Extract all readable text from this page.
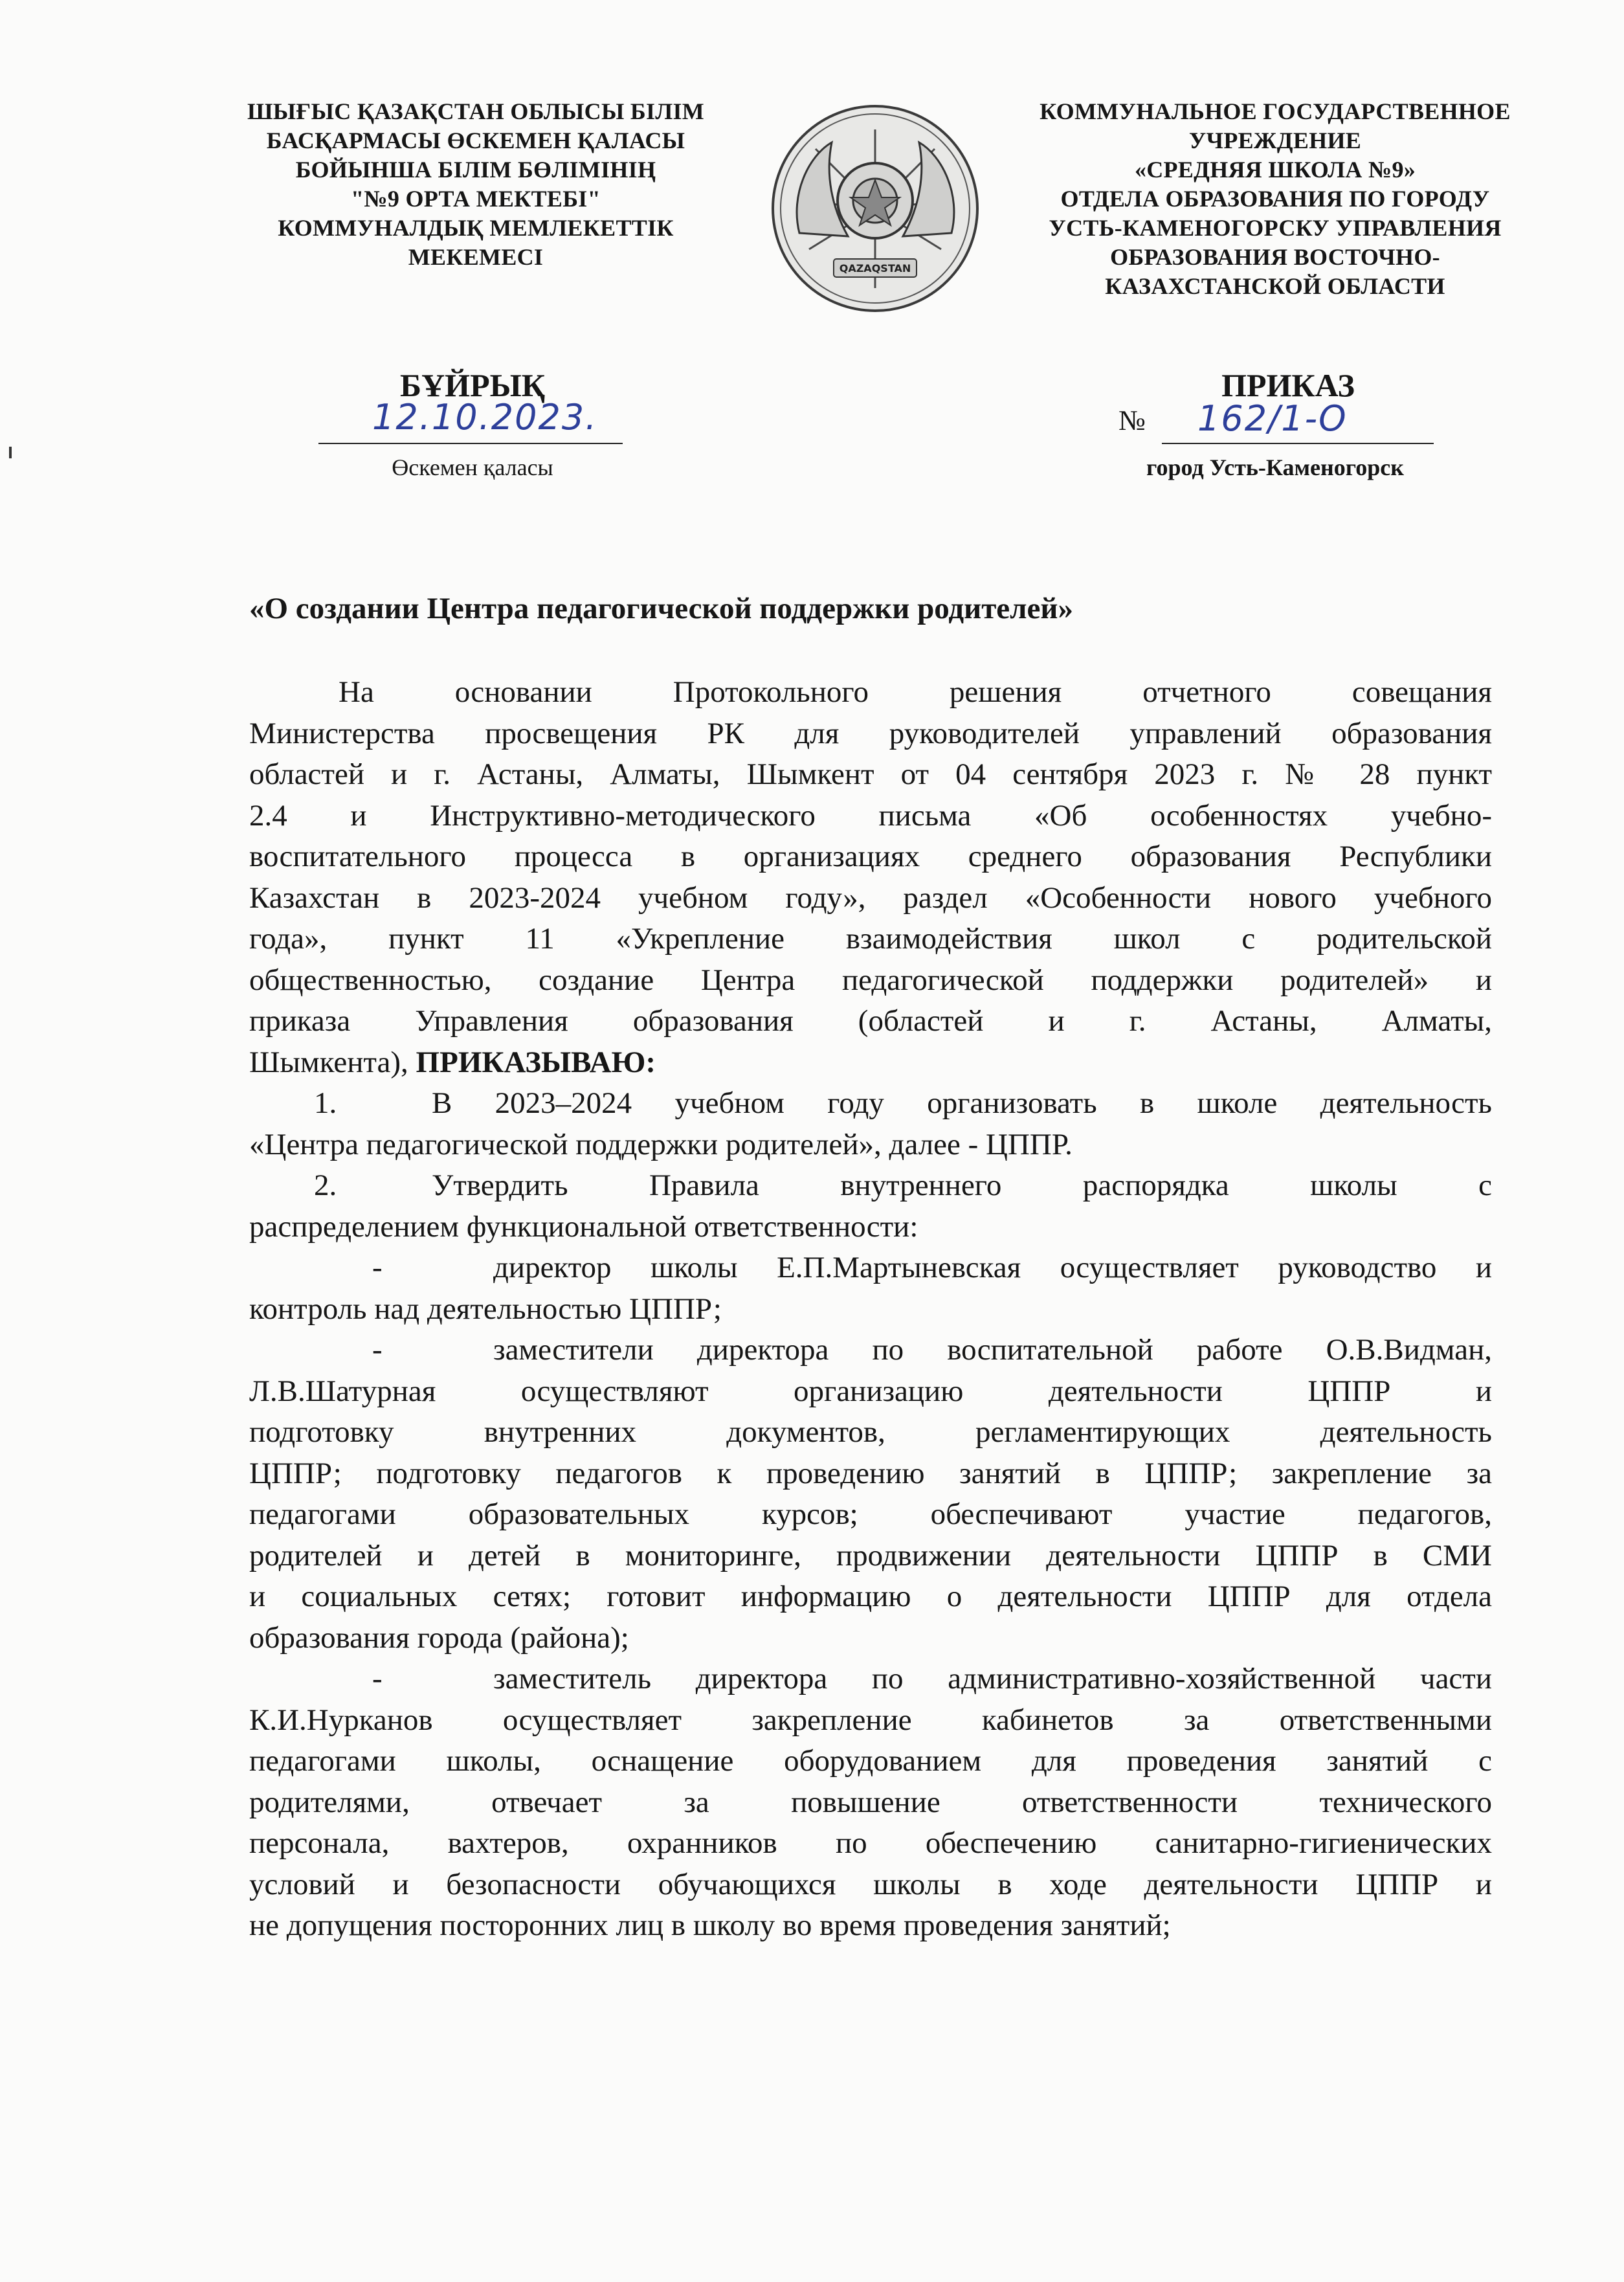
ШЫҒЫС ҚАЗАҚСТАН ОБЛЫСЫ БІЛІМ
БАСҚАРМАСЫ ӨСКЕМЕН ҚАЛАСЫ
БОЙЫНША БІЛІМ БӨЛІМІНІҢ
"№9 ОРТА МЕКТЕБІ"
КОММУНАЛДЫҚ МЕМЛЕКЕТТІК
МЕКЕМЕСІ	QAZAQSTAN
КОММУНАЛЬНОЕ ГОСУДАРСТВЕННОЕ
УЧРЕЖДЕНИЕ
«СРЕДНЯЯ ШКОЛА №9»
ОТДЕЛА ОБРАЗОВАНИЯ ПО ГОРОДУ
УСТЬ-КАМЕНОГОРСКУ УПРАВЛЕНИЯ
ОБРАЗОВАНИЯ ВОСТОЧНО-
КАЗАХСТАНСКОЙ ОБЛАСТИ
БҰЙРЫҚ	ПРИКАЗ
12.10.2023.	№ 162/1-О
Өскемен қаласы	город Усть-Каменогорск
«О создании Центра педагогической поддержки родителей»
На основании Протокольного решения отчетного совещания
Министерства просвещения РК для руководителей управлений образования
областей и г. Астаны, Алматы, Шымкент от 04 сентября 2023 г. № 28 пункт
2.4 и Инструктивно-методического письма «Об особенностях учебно-
воспитательного процесса в организациях среднего образования Республики
Казахстан в 2023-2024 учебном году», раздел «Особенности нового учебного
года», пункт 11 «Укрепление взаимодействия школ с родительской
общественностью, создание Центра педагогической поддержки родителей» и
приказа Управления образования (областей и г. Астаны, Алматы,
Шымкента), ПРИКАЗЫВАЮ:
1.	В 2023–2024 учебном году организовать в школе деятельность
«Центра педагогической поддержки родителей», далее - ЦППР.
2.	Утвердить Правила внутреннего распорядка школы с
распределением функциональной ответственности:
-	директор школы Е.П.Мартыневская осуществляет руководство и
контроль над деятельностью ЦППР;
-	заместители директора по воспитательной работе О.В.Видман,
Л.В.Шатурная осуществляют организацию деятельности ЦППР и
подготовку внутренних документов, регламентирующих деятельность
ЦППР; подготовку педагогов к проведению занятий в ЦППР; закрепление за
педагогами образовательных курсов; обеспечивают участие педагогов,
родителей и детей в мониторинге, продвижении деятельности ЦППР в СМИ
и социальных сетях; готовит информацию о деятельности ЦППР для отдела
образования города (района);
-	заместитель директора по административно-хозяйственной части
К.И.Нурканов осуществляет закрепление кабинетов за ответственными
педагогами школы, оснащение оборудованием для проведения занятий с
родителями, отвечает за повышение ответственности технического
персонала, вахтеров, охранников по обеспечению санитарно-гигиенических
условий и безопасности обучающихся школы в ходе деятельности ЦППР и
не допущения посторонних лиц в школу во время проведения занятий;
